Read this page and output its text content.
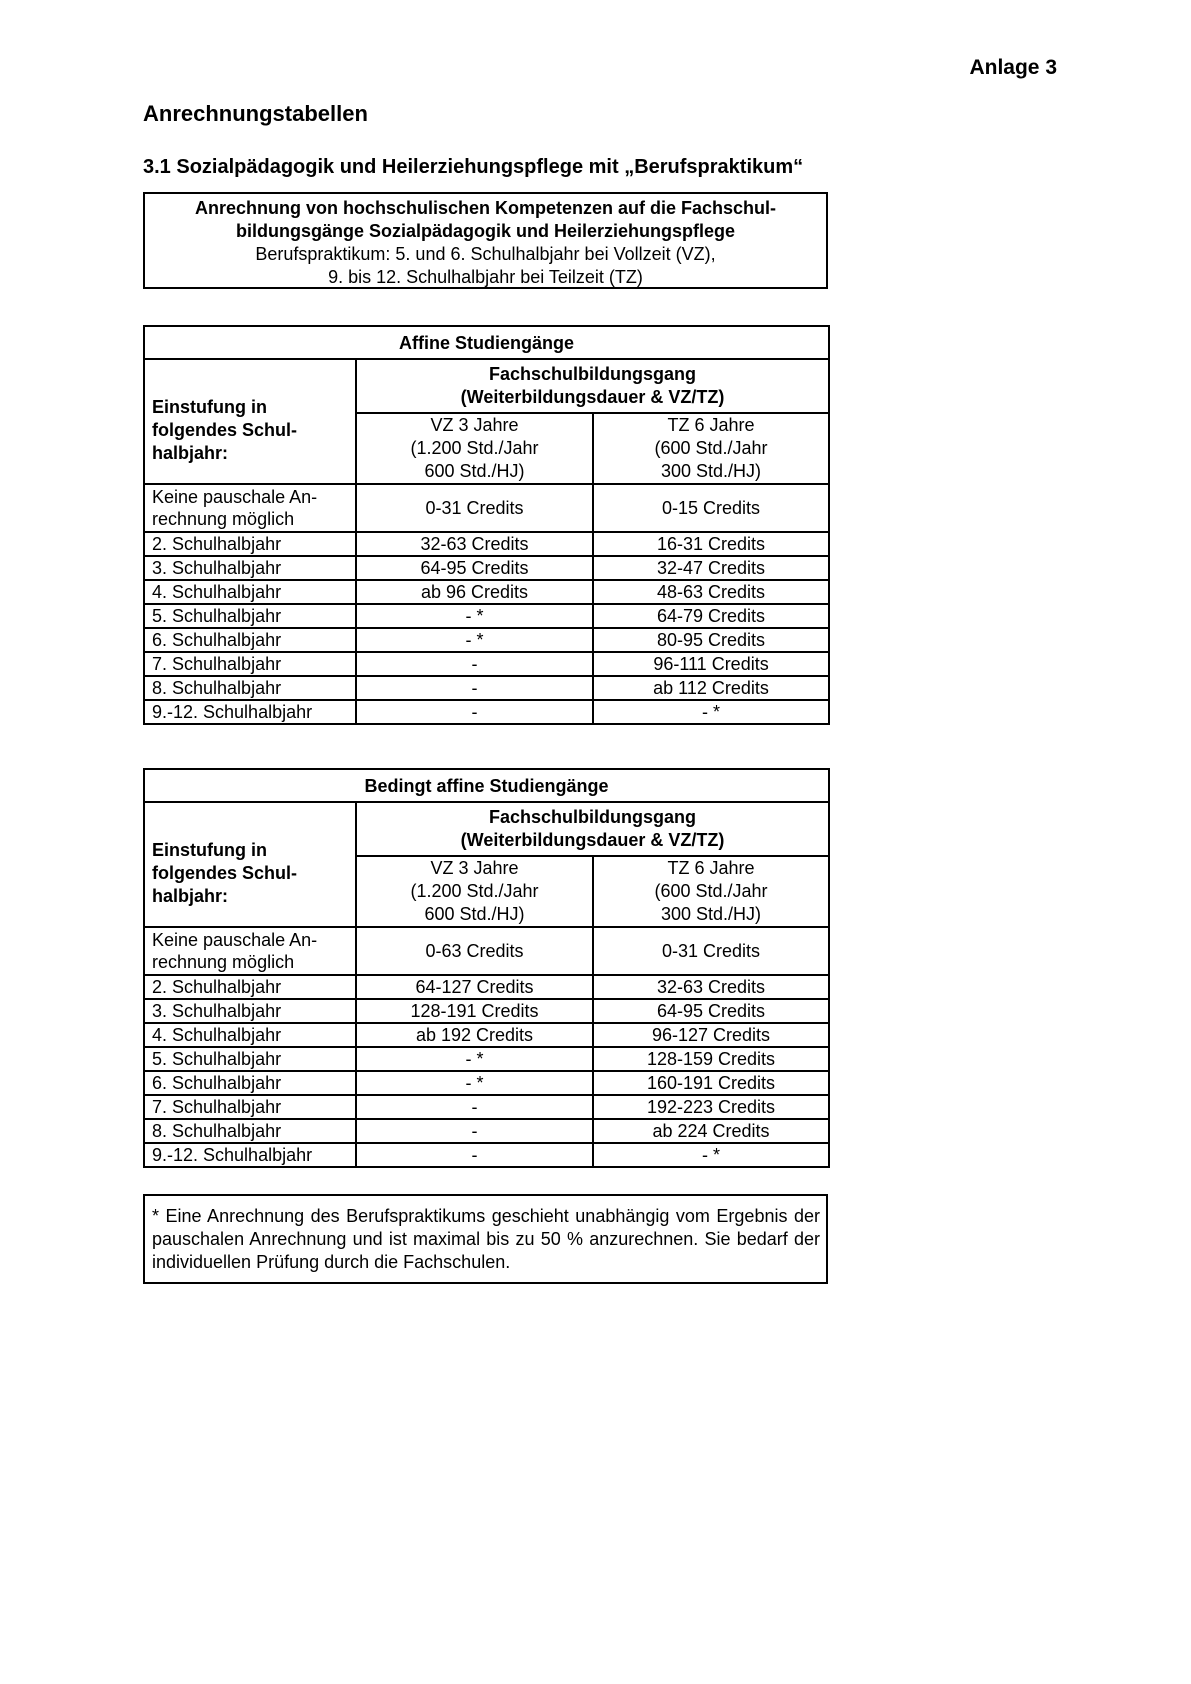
Anlage 3
Anrechnungstabellen
3.1 Sozialpädagogik und Heilerziehungspflege mit „Berufspraktikum“
Anrechnung von hochschulischen Kompetenzen auf die Fachschul-
bildungsgänge Sozialpädagogik und Heilerziehungspflege
Berufspraktikum: 5. und 6. Schulhalbjahr bei Vollzeit (VZ),
9. bis 12. Schulhalbjahr bei Teilzeit (TZ)
Affine Studiengänge		

Einstufung in
folgendes Schul-
halbjahr:	Fachschulbildungsgang
(Weiterbildungsdauer & VZ/TZ)	

	VZ 3 Jahre
(1.200 Std./Jahr
600 Std./HJ)	TZ 6 Jahre
(600 Std./Jahr
300 Std./HJ)

Keine pauschale An-
rechnung möglich	0-31 Credits	0-15 Credits
2. Schulhalbjahr	32-63 Credits	16-31 Credits
3. Schulhalbjahr	64-95 Credits	32-47 Credits
4. Schulhalbjahr	ab 96 Credits	48-63 Credits
5. Schulhalbjahr	- *	64-79 Credits
6. Schulhalbjahr	- *	80-95 Credits
7. Schulhalbjahr	-	96-111 Credits
8. Schulhalbjahr	-	ab 112 Credits
9.-12. Schulhalbjahr	-	- *
Bedingt affine Studiengänge		

Einstufung in
folgendes Schul-
halbjahr:	Fachschulbildungsgang
(Weiterbildungsdauer & VZ/TZ)	

	VZ 3 Jahre
(1.200 Std./Jahr
600 Std./HJ)	TZ 6 Jahre
(600 Std./Jahr
300 Std./HJ)

Keine pauschale An-
rechnung möglich	0-63 Credits	0-31 Credits
2. Schulhalbjahr	64-127 Credits	32-63 Credits
3. Schulhalbjahr	128-191 Credits	64-95 Credits
4. Schulhalbjahr	ab 192 Credits	96-127 Credits
5. Schulhalbjahr	- *	128-159 Credits
6. Schulhalbjahr	- *	160-191 Credits
7. Schulhalbjahr	-	192-223 Credits
8. Schulhalbjahr	-	ab 224 Credits
9.-12. Schulhalbjahr	-	- *
* Eine Anrechnung des Berufspraktikums geschieht unabhängig vom Ergebnis der pauschalen Anrechnung und ist maximal bis zu 50 % anzurechnen. Sie bedarf der individuellen Prüfung durch die Fachschulen.
